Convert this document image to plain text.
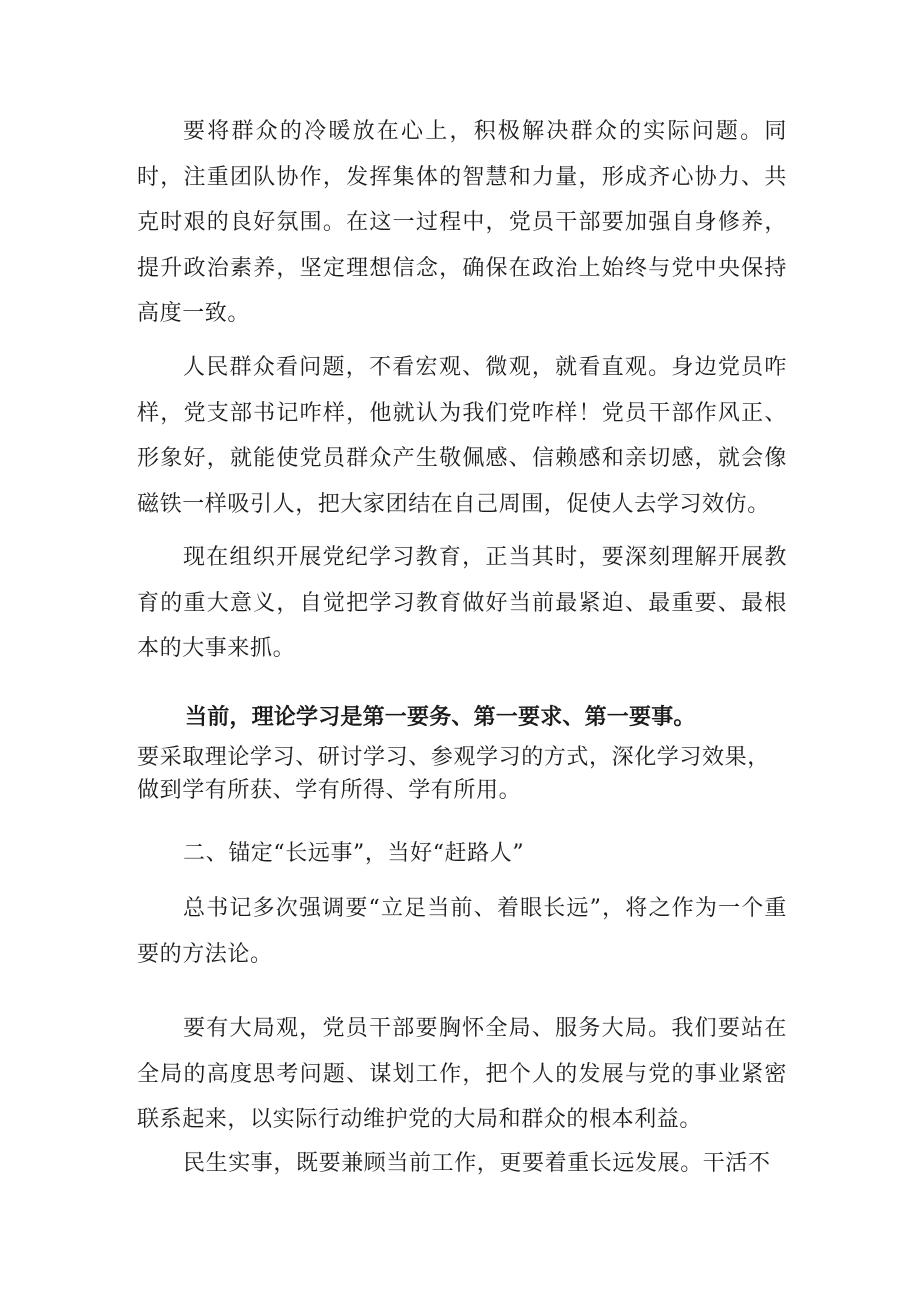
要将群众的冷暖放在心上，积极解决群众的实际问题。同时，注重团队协作，发挥集体的智慧和力量，形成齐心协力、共克时艰的良好氛围。在这一过程中，党员干部要加强自身修养，提升政治素养，坚定理想信念，确保在政治上始终与党中央保持高度一致。

人民群众看问题，不看宏观、微观，就看直观。身边党员咋样，党支部书记咋样，他就认为我们党咋样！党员干部作风正、形象好，就能使党员群众产生敬佩感、信赖感和亲切感，就会像磁铁一样吸引人，把大家团结在自己周围，促使人去学习效仿。

现在组织开展党纪学习教育，正当其时，要深刻理解开展教育的重大意义，自觉把学习教育做好当前最紧迫、最重要、最根本的大事来抓。

当前，理论学习是第一要务、第一要求、第一要事。

要采取理论学习、研讨学习、参观学习的方式，深化学习效果，做到学有所获、学有所得、学有所用。

二、锚定“长远事”，当好“赶路人”

总书记多次强调要“立足当前、着眼长远”，将之作为一个重要的方法论。

要有大局观，党员干部要胸怀全局、服务大局。我们要站在全局的高度思考问题、谋划工作，把个人的发展与党的事业紧密联系起来，以实际行动维护党的大局和群众的根本利益。

民生实事，既要兼顾当前工作，更要着重长远发展。干活不
